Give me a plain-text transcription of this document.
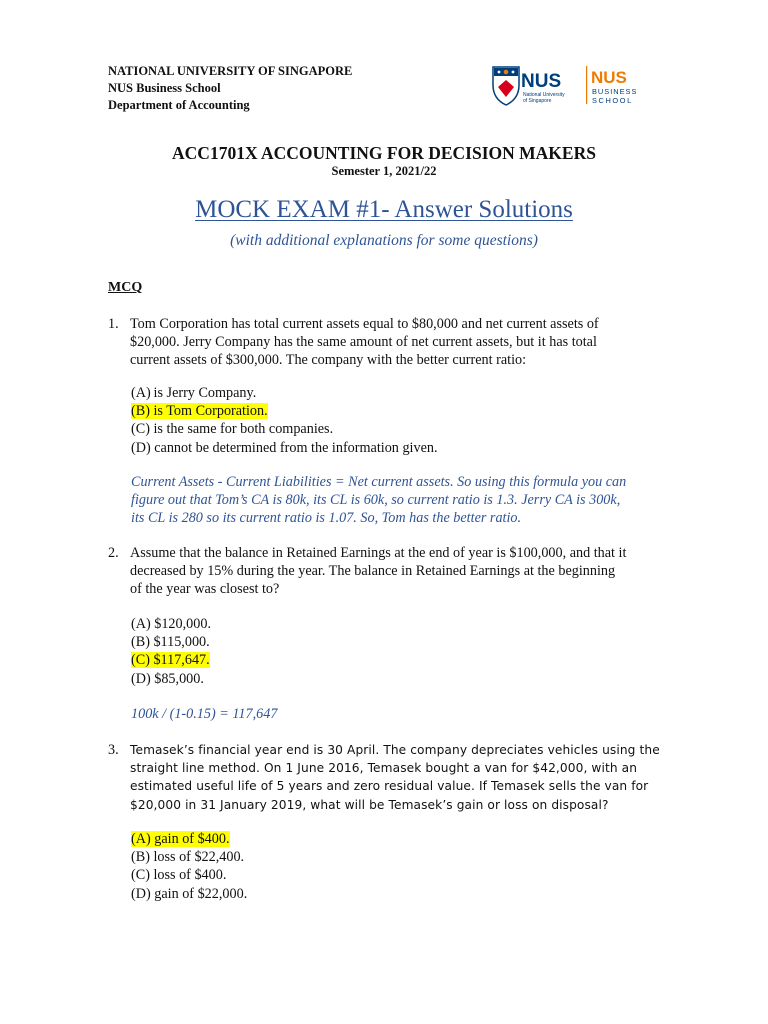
NATIONAL UNIVERSITY OF SINGAPORE
NUS Business School
Department of Accounting
NUS
National University
of Singapore
NUS
BUSINESS
SCHOOL
ACC1701X ACCOUNTING FOR DECISION MAKERS
Semester 1, 2021/22
MOCK EXAM #1- Answer Solutions
(with additional explanations for some questions)
MCQ
1. Tom Corporation has total current assets equal to $80,000 and net current assets of
$20,000. Jerry Company has the same amount of net current assets, but it has total
current assets of $300,000. The company with the better current ratio:
(A) is Jerry Company.
(B) is Tom Corporation.
(C) is the same for both companies.
(D) cannot be determined from the information given.
Current Assets - Current Liabilities = Net current assets. So using this formula you can
figure out that Tom’s CA is 80k, its CL is 60k, so current ratio is 1.3. Jerry CA is 300k,
its CL is 280 so its current ratio is 1.07. So, Tom has the better ratio.
2. Assume that the balance in Retained Earnings at the end of year is $100,000, and that it
decreased by 15% during the year. The balance in Retained Earnings at the beginning
of the year was closest to?
(A) $120,000.
(B) $115,000.
(C) $117,647.
(D) $85,000.
100k / (1-0.15) = 117,647
3. Temasek’s financial year end is 30 April. The company depreciates vehicles using the
straight line method. On 1 June 2016, Temasek bought a van for $42,000, with an
estimated useful life of 5 years and zero residual value. If Temasek sells the van for
$20,000 in 31 January 2019, what will be Temasek’s gain or loss on disposal?
(A) gain of $400.
(B) loss of $22,400.
(C) loss of $400.
(D) gain of $22,000.
